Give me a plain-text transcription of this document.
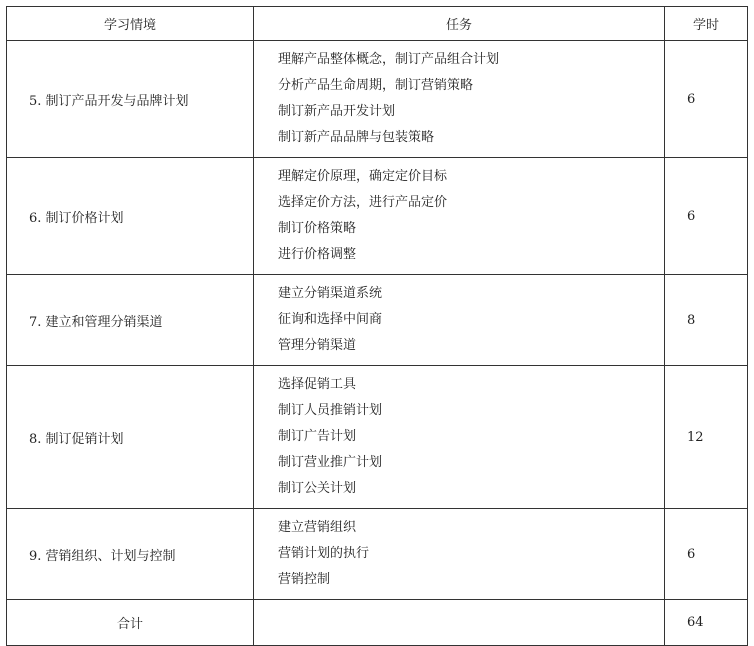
学习情境	任务	学时
5. 制订产品开发与品牌计划	理解产品整体概念，制订产品组合计划
分析产品生命周期，制订营销策略
制订新产品开发计划
制订新产品品牌与包装策略	6
6. 制订价格计划	理解定价原理，确定定价目标
选择定价方法，进行产品定价
制订价格策略
进行价格调整	6
7. 建立和管理分销渠道	建立分销渠道系统
征询和选择中间商
管理分销渠道	8
8. 制订促销计划	选择促销工具
制订人员推销计划
制订广告计划
制订营业推广计划
制订公关计划	12
9. 营销组织、计划与控制	建立营销组织
营销计划的执行
营销控制	6
合计		64
